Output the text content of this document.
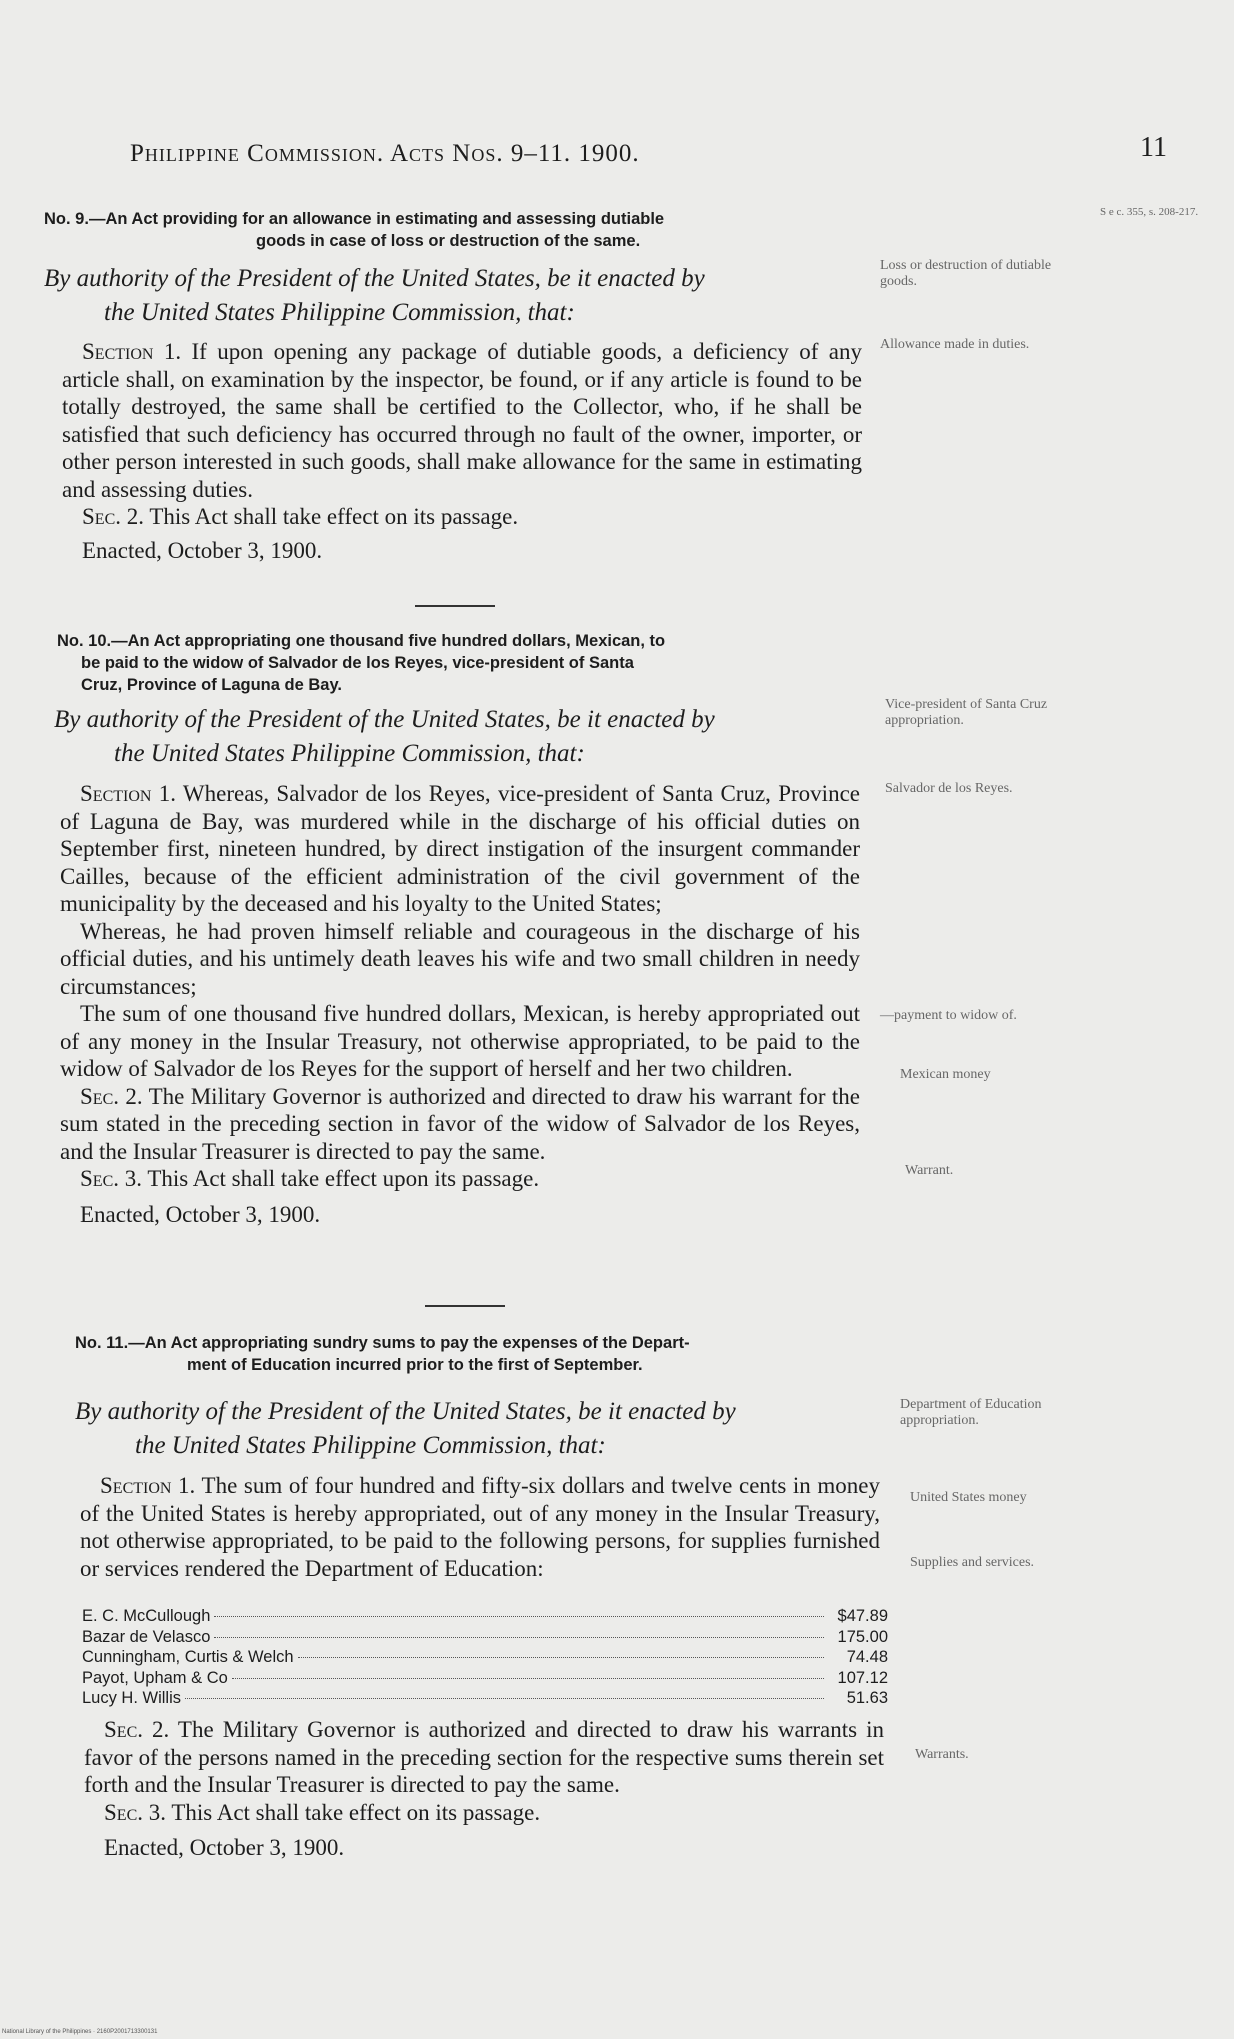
Philippine Commission. Acts Nos. 9–11. 1900.	11
No. 9.—An Act providing for an allowance in estimating and assessing dutiable
goods in case of loss or destruction of the same.
S e c. 355, s. 208-217.
By authority of the President of the United States, be it enacted by
the United States Philippine Commission, that:
Loss or destruction of dutiable goods.

Section 1. If upon opening any package of dutiable goods, a deficiency of any article shall, on examination by the inspector, be found, or if any article is found to be totally destroyed, the same shall be certified to the Collector, who, if he shall be satisfied that such deficiency has occurred through no fault of the owner, importer, or other person interested in such goods, shall make allowance for the same in estimating and assessing duties.

Sec. 2. This Act shall take effect on its passage.

Enacted, October 3, 1900.

Allowance made in duties.
No. 10.—An Act appropriating one thousand five hundred dollars, Mexican, to
be paid to the widow of Salvador de los Reyes, vice-president of Santa
Cruz, Province of Laguna de Bay.
By authority of the President of the United States, be it enacted by
the United States Philippine Commission, that:
Vice-president of Santa Cruz appropriation.

Section 1. Whereas, Salvador de los Reyes, vice-president of Santa Cruz, Province of Laguna de Bay, was murdered while in the discharge of his official duties on September first, nineteen hundred, by direct instigation of the insurgent commander Cailles, because of the efficient administration of the civil government of the municipality by the deceased and his loyalty to the United States;

Whereas, he had proven himself reliable and courageous in the discharge of his official duties, and his untimely death leaves his wife and two small children in needy circumstances;

The sum of one thousand five hundred dollars, Mexican, is hereby appropriated out of any money in the Insular Treasury, not otherwise appropriated, to be paid to the widow of Salvador de los Reyes for the support of herself and her two children.

Sec. 2. The Military Governor is authorized and directed to draw his warrant for the sum stated in the preceding section in favor of the widow of Salvador de los Reyes, and the Insular Treasurer is directed to pay the same.

Sec. 3. This Act shall take effect upon its passage.

Enacted, October 3, 1900.

Salvador de los Reyes.
—payment to widow of.
Mexican money
Warrant.
No. 11.—An Act appropriating sundry sums to pay the expenses of the Depart-
ment of Education incurred prior to the first of September.
By authority of the President of the United States, be it enacted by
the United States Philippine Commission, that:
Department of Education appropriation.

Section 1. The sum of four hundred and fifty-six dollars and twelve cents in money of the United States is hereby appropriated, out of any money in the Insular Treasury, not otherwise appropriated, to be paid to the following persons, for supplies furnished or services rendered the Department of Education:

United States money
Supplies and services.
E. C. McCullough	$47.89
Bazar de Velasco	175.00
Cunningham, Curtis & Welch	74.48
Payot, Upham & Co	107.12
Lucy H. Willis	51.63

Sec. 2. The Military Governor is authorized and directed to draw his warrants in favor of the persons named in the preceding section for the respective sums therein set forth and the Insular Treasurer is directed to pay the same.

Sec. 3. This Act shall take effect on its passage.

Enacted, October 3, 1900.

Warrants.
National Library of the Philippines · 2160P2001713300131
